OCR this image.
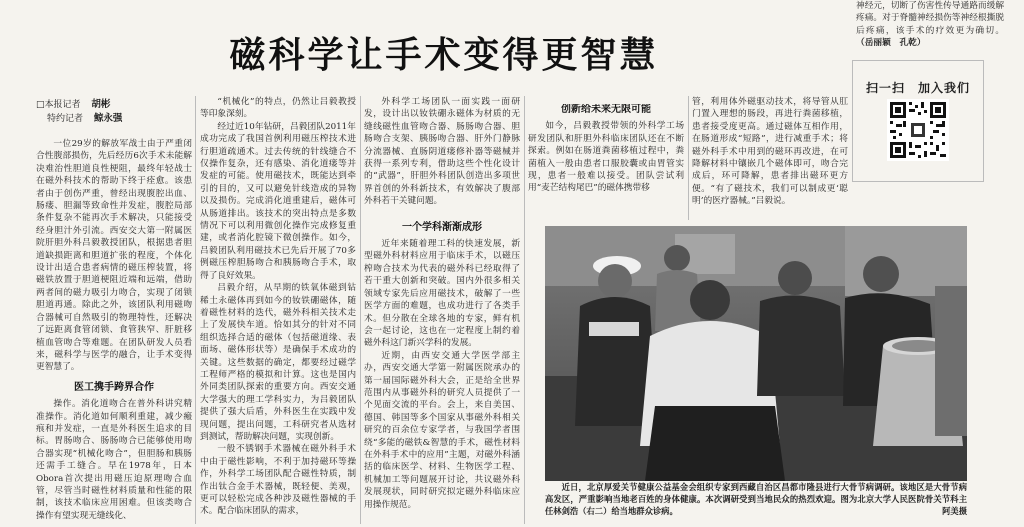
神经元，切断了伤害性传导通路而缓解疼痛。对于脊髓神经损伤等神经根撕脱后疼痛，该手术的疗效更为确切。 （岳丽颖　孔乾）
磁科学让手术变得更智慧
□本报记者 胡彬
特约记者 鲸永强

一位29岁的解放军战士由于严重闭合性腹部损伤，先后经历6次手术未能解决难治性胆道良性梗阻，最终年轻战士在磁外科技术的帮助下终于痊愈。该患者由于创伤严重，曾经出现腹腔出血、肠瘘、胆漏等致命性并发症，腹腔局部条件复杂不能再次手术解决，只能接受经身胆汁外引流。西安交大第一附属医院肝胆外科吕毅教授团队，根据患者胆道缺损距离和胆道扩张的程度，个体化设计出适合患者病情的磁压榨装置，将磁铁放置于胆道梗阻近端和远端，借助两者间的磁力吸引力吻合，实现了闭锁胆道再通。除此之外，该团队利用磁吻合器械可自然吸引的物理特性，还解决了远距离食管闭锁、食管狭窄、肝脏移植血管吻合等难题。在团队研发人员看来，磁科学与医学的融合，让手术变得更智慧了。

医工携手跨界合作

操作。消化道吻合在普外科讲究精准操作。消化道如何顺利重建，减少瘢痕和并发症，一直是外科医生追求的目标。胃肠吻合、肠肠吻合已能够使用吻合器实现“机械化吻合”，但胆肠和胰肠还需手工缝合。早在1978年，日本Obora首次提出用磁压迫原理吻合血管，尽管当时磁性材料质量和性能的限制，该技术临床应用困难。但该类吻合操作有望实现无缝线化、

“机械化”的特点，仍然让吕毅教授等印象深刻。

经过近10年钻研，吕毅团队2011年成功完成了我国首例利用磁压榨技术进行胆道疏通术。过去传统的针线缝合不仅操作复杂，还有感染、消化道瘘等并发症的可能。使用磁技术，既能达到牵引的目的，又可以避免针线造成的异物以及损伤。完成消化道重建后，磁体可从肠道排出。该技术的突出特点是多数情况下可以利用微创化操作完成修复重建，或者消化腔镜下微创操作。如今，吕毅团队利用磁技术已先后开展了70多例磁压榨胆肠吻合和胰肠吻合手术，取得了良好效果。

吕毅介绍，从早期的铁氧体磁到钻稀土永磁体再到如今的钕铁硼磁体，随着磁性材料的迭代，磁外科相关技术走上了发展快车道。恰如其分的针对不同组织选择合适的磁体（包括磁道缘、表面场、磁体形状等）是确保手术成功的关键。这些数据的确定，都要经过磁学工程师严格的模拟和计算。这也是国内外同类团队探索的重要方向。西安交通大学强大的理工学科实力，为吕毅团队提供了强大后盾，外科医生在实践中发现问题，提出问题，工科研究者从选材到测试，帮助解决问题，实现创新。

一般不锈钢手术器械在磁外科手术中由于磁性影响，不利于加持磁环等操作，外科学工场团队配合磁性特质，制作出钛合金手术器械，既轻便、美观，更可以轻松完成各种涉及磁性器械的手术。配合临床团队的需求，

外科学工场团队一面实践一面研发，设计出以钕铁硼永磁体为材质的无缝线磁性血管吻合器、肠肠吻合器、胆肠吻合支架、胰肠吻合器、肝外门静脉分流器械、直肠阴道瘘修补器等磁械并获得一系列专利，借助这些个性化设计的“武器”，肝胆外科团队创造出多项世界首创的外科新技术，有效解决了腹部外科若干关键问题。

一个学科渐渐成形

近年来随着理工科的快速发展，新型磁外科材料应用于临床手术，以磁压榨吻合技术为代表的磁外科已经取得了若干重大创新和突破。国内外很多相关领域专家先后应用磁技术，破解了一些医学方面的难题，也成功进行了各类手术。但分散在全球各地的专家，鲜有机会一起讨论，这也在一定程度上制约着磁外科这门新兴学科的发展。

近期，由西安交通大学医学部主办，西安交通大学第一附属医院承办的第一届国际磁外科大会，正是给全世界范围内从事磁外科的研究人员提供了一个见面交流的平台。会上，来自美国、德国、韩国等多个国家从事磁外科相关研究的百余位专家学者，与我国学者围绕“多能的磁铁&智慧的手术，磁性材料在外科手术中的应用”主题，对磁外科涵括的临床医学、材料、生物医学工程、机械加工等问题展开讨论，共议磁外科发展现状，同时研究拟定磁外科临床应用操作规范。

创新给未来无限可能

如今，吕毅教授带领的外科学工场研发团队和肝胆外科临床团队还在不断探索。例如在肠道粪菌移植过程中，粪菌植入一般由患者口服胶囊或由胃管实现，患者一般难以接受。团队尝试利用“麦芒结构尾巴”的磁体携带移

管，利用体外磁驱动技术，将导管从肛门置入理想的肠段，再进行粪菌移植，患者接受度更高。通过磁体互相作用，在肠道形成“短路”，进行减重手术；将磁外科手术中用到的磁环再改进，在可降解材料中镶嵌几个磁体即可，吻合完成后，环可降解，患者排出磁环更方便。“有了磁技术，我们可以制成更‘聪明’的医疗器械。”吕毅说。

扫一扫　加入我们
近日，北京厚爱关节健康公益基金会组织专家到西藏自治区昌都市隆县进行大骨节病调研。该地区是大骨节病高发区，严重影响当地老百姓的身体健康。本次调研受到当地民众的热烈欢迎。图为北京大学人民医院骨关节科主任林剑浩（右二）给当地群众诊病。	阿美摄
